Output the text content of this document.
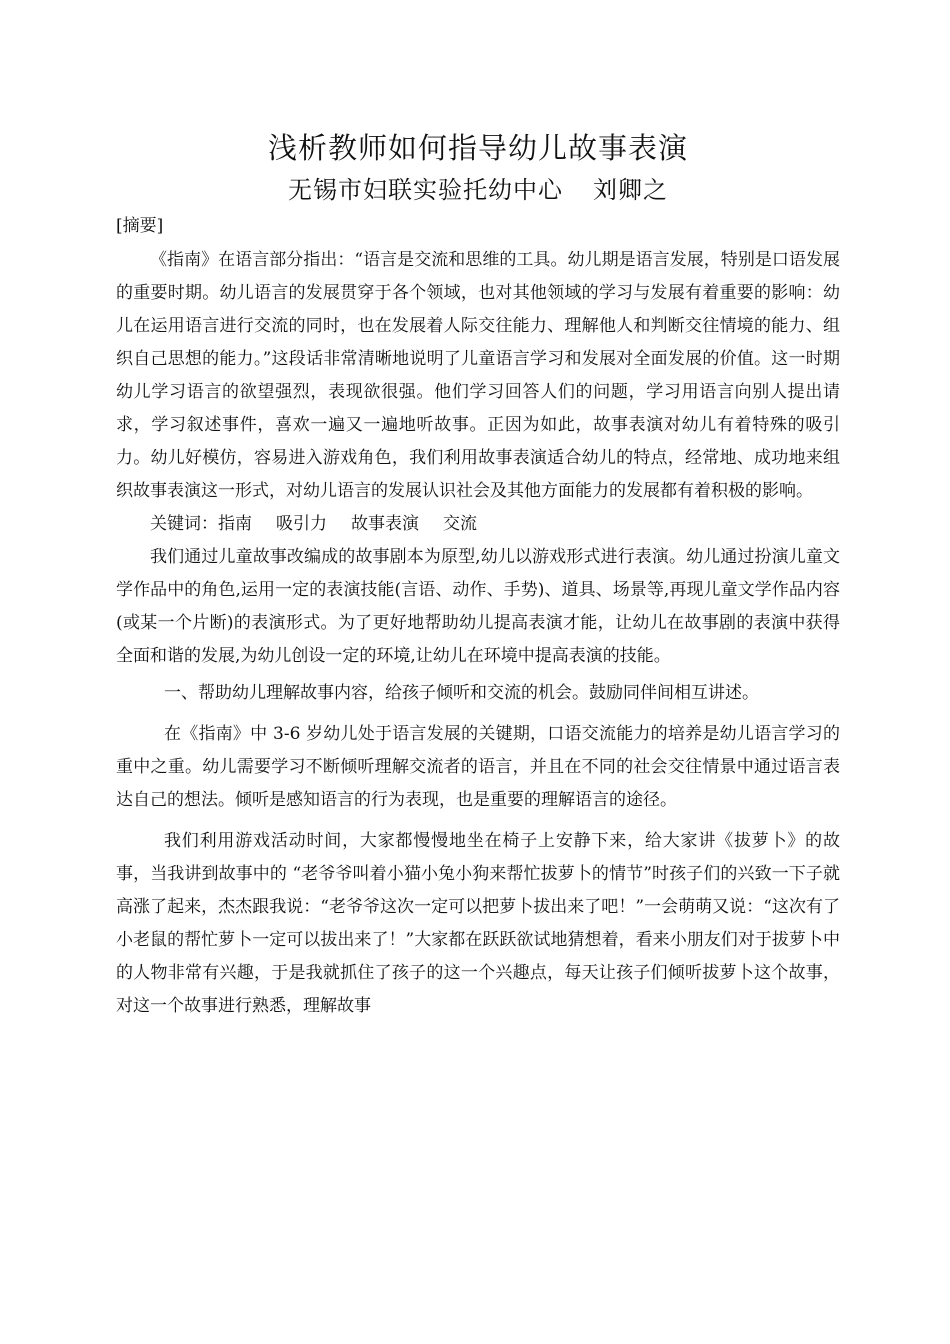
浅析教师如何指导幼儿故事表演
无锡市妇联实验托幼中心 刘卿之
[摘要]

《指南》在语言部分指出：“语言是交流和思维的工具。幼儿期是语言发展，特别是口语发展的重要时期。幼儿语言的发展贯穿于各个领域，也对其他领域的学习与发展有着重要的影响：幼儿在运用语言进行交流的同时，也在发展着人际交往能力、理解他人和判断交往情境的能力、组织自己思想的能力。”这段话非常清晰地说明了儿童语言学习和发展对全面发展的价值。这一时期幼儿学习语言的欲望强烈，表现欲很强。他们学习回答人们的问题，学习用语言向别人提出请求，学习叙述事件，喜欢一遍又一遍地听故事。正因为如此，故事表演对幼儿有着特殊的吸引力。幼儿好模仿，容易进入游戏角色，我们利用故事表演适合幼儿的特点，经常地、成功地来组织故事表演这一形式，对幼儿语言的发展认识社会及其他方面能力的发展都有着积极的影响。

关键词：指南 吸引力 故事表演 交流

我们通过儿童故事改编成的故事剧本为原型,幼儿以游戏形式进行表演。幼儿通过扮演儿童文学作品中的角色,运用一定的表演技能(言语、动作、手势)、道具、场景等,再现儿童文学作品内容(或某一个片断)的表演形式。为了更好地帮助幼儿提高表演才能，让幼儿在故事剧的表演中获得全面和谐的发展,为幼儿创设一定的环境,让幼儿在环境中提高表演的技能。

一、帮助幼儿理解故事内容，给孩子倾听和交流的机会。鼓励同伴间相互讲述。

在《指南》中 3-6 岁幼儿处于语言发展的关键期，口语交流能力的培养是幼儿语言学习的重中之重。幼儿需要学习不断倾听理解交流者的语言，并且在不同的社会交往情景中通过语言表达自己的想法。倾听是感知语言的行为表现，也是重要的理解语言的途径。

我们利用游戏活动时间，大家都慢慢地坐在椅子上安静下来，给大家讲《拔萝卜》的故事，当我讲到故事中的 “老爷爷叫着小猫小兔小狗来帮忙拔萝卜的情节”时孩子们的兴致一下子就高涨了起来，杰杰跟我说：“老爷爷这次一定可以把萝卜拔出来了吧！”一会萌萌又说：“这次有了小老鼠的帮忙萝卜一定可以拔出来了！”大家都在跃跃欲试地猜想着，看来小朋友们对于拔萝卜中的人物非常有兴趣，于是我就抓住了孩子的这一个兴趣点，每天让孩子们倾听拔萝卜这个故事，对这一个故事进行熟悉，理解故事
